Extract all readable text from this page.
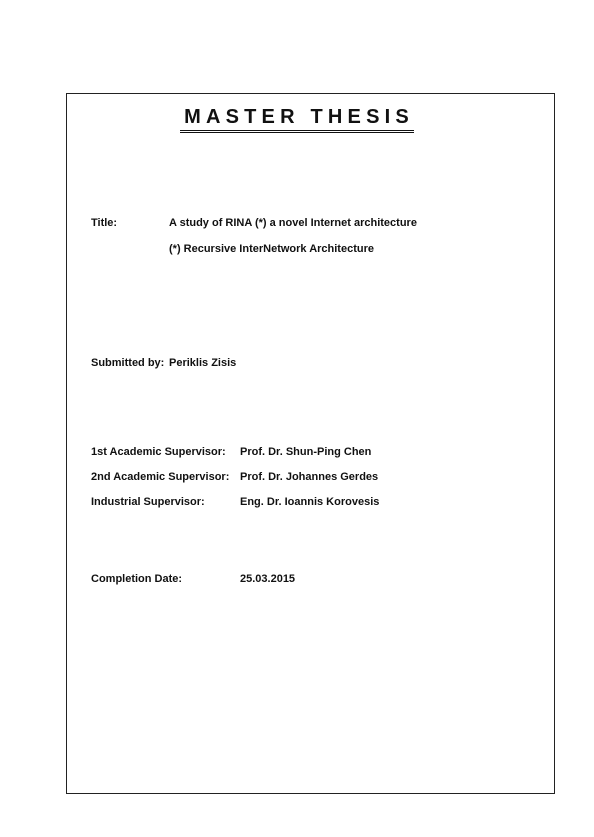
MASTER THESIS
Title:	A study of RINA (*) a novel Internet architecture
(*) Recursive InterNetwork Architecture
Submitted by: Periklis Zisis
1st Academic Supervisor: Prof. Dr. Shun-Ping Chen
2nd Academic Supervisor: Prof. Dr. Johannes Gerdes
Industrial Supervisor:	Eng. Dr. Ioannis Korovesis
Completion Date:	25.03.2015
